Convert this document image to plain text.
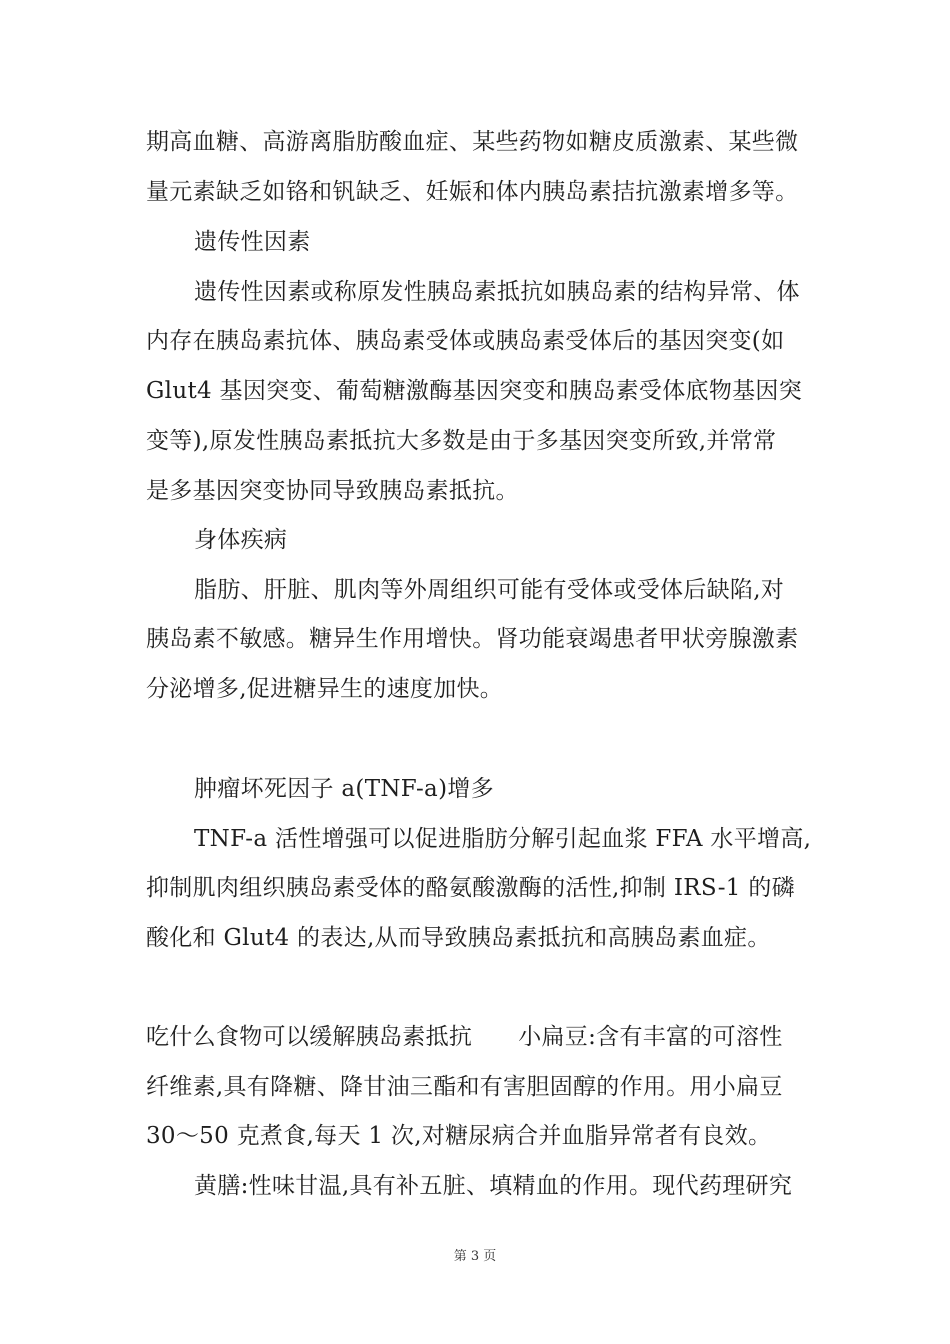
期高血糖、高游离脂肪酸血症、某些药物如糖皮质激素、某些微
量元素缺乏如铬和钒缺乏、妊娠和体内胰岛素拮抗激素增多等。
遗传性因素
遗传性因素或称原发性胰岛素抵抗如胰岛素的结构异常、体
内存在胰岛素抗体、胰岛素受体或胰岛素受体后的基因突变(如
Glut4 基因突变、葡萄糖激酶基因突变和胰岛素受体底物基因突
变等),原发性胰岛素抵抗大多数是由于多基因突变所致,并常常
是多基因突变协同导致胰岛素抵抗。
身体疾病
脂肪、肝脏、肌肉等外周组织可能有受体或受体后缺陷,对
胰岛素不敏感。糖异生作用增快。肾功能衰竭患者甲状旁腺激素
分泌增多,促进糖异生的速度加快。
肿瘤坏死因子 a(TNF-a)增多
TNF-a 活性增强可以促进脂肪分解引起血浆 FFA 水平增高,
抑制肌肉组织胰岛素受体的酪氨酸激酶的活性,抑制 IRS-1 的磷
酸化和 Glut4 的表达,从而导致胰岛素抵抗和高胰岛素血症。
吃什么食物可以缓解胰岛素抵抗 小扁豆:含有丰富的可溶性
纤维素,具有降糖、降甘油三酯和有害胆固醇的作用。用小扁豆
30～50 克煮食,每天 1 次,对糖尿病合并血脂异常者有良效。
黄膳:性味甘温,具有补五脏、填精血的作用。现代药理研究
第 3 页
